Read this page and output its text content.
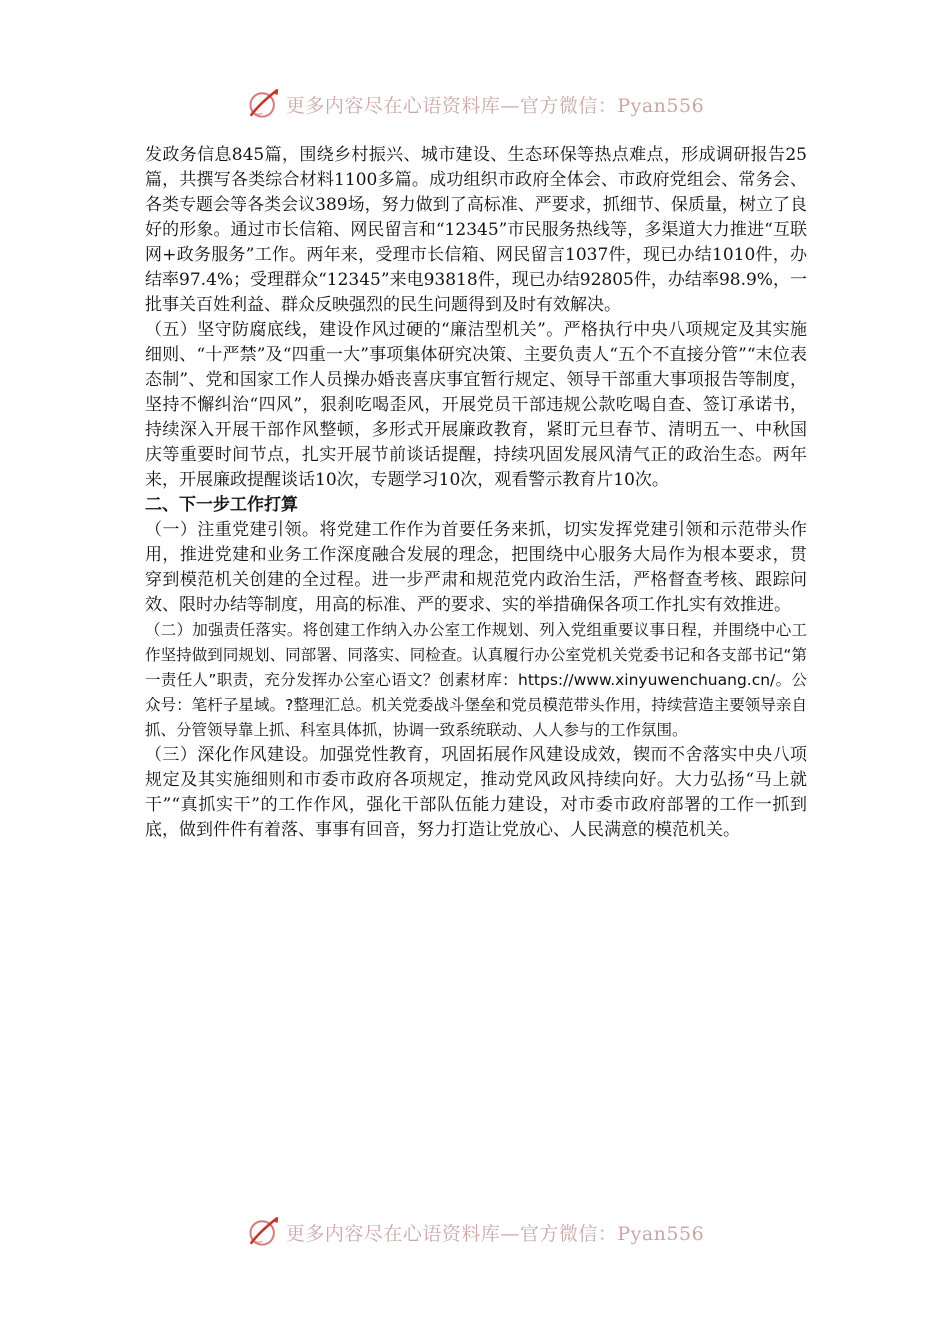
更多内容尽在心语资料库—官方微信：Pyan556

发政务信息845篇，围绕乡村振兴、城市建设、生态环保等热点难点，形成调研报告25篇，共撰写各类综合材料1100多篇。成功组织市政府全体会、市政府党组会、常务会、各类专题会等各类会议389场，努力做到了高标准、严要求，抓细节、保质量，树立了良好的形象。通过市长信箱、网民留言和“12345”市民服务热线等，多渠道大力推进“互联网+政务服务”工作。两年来，受理市长信箱、网民留言1037件，现已办结1010件，办结率97.4%；受理群众“12345”来电93818件，现已办结92805件，办结率98.9%，一批事关百姓利益、群众反映强烈的民生问题得到及时有效解决。

（五）坚守防腐底线，建设作风过硬的“廉洁型机关”。严格执行中央八项规定及其实施细则、“十严禁”及“四重一大”事项集体研究决策、主要负责人“五个不直接分管”“末位表态制”、党和国家工作人员操办婚丧喜庆事宜暂行规定、领导干部重大事项报告等制度，坚持不懈纠治“四风”，狠刹吃喝歪风，开展党员干部违规公款吃喝自查、签订承诺书，持续深入开展干部作风整顿，多形式开展廉政教育，紧盯元旦春节、清明五一、中秋国庆等重要时间节点，扎实开展节前谈话提醒，持续巩固发展风清气正的政治生态。两年来，开展廉政提醒谈话10次，专题学习10次，观看警示教育片10次。

二、下一步工作打算

（一）注重党建引领。将党建工作作为首要任务来抓，切实发挥党建引领和示范带头作用，推进党建和业务工作深度融合发展的理念，把围绕中心服务大局作为根本要求，贯穿到模范机关创建的全过程。进一步严肃和规范党内政治生活，严格督查考核、跟踪问效、限时办结等制度，用高的标准、严的要求、实的举措确保各项工作扎实有效推进。

（二）加强责任落实。将创建工作纳入办公室工作规划、列入党组重要议事日程，并围绕中心工作坚持做到同规划、同部署、同落实、同检查。认真履行办公室党机关党委书记和各支部书记“第一责任人”职责，充分发挥办公室心语文？创素材库：https://www.xinyuwenchuang.cn/。公众号：笔杆子星域。?整理汇总。机关党委战斗堡垒和党员模范带头作用，持续营造主要领导亲自抓、分管领导靠上抓、科室具体抓，协调一致系统联动、人人参与的工作氛围。

（三）深化作风建设。加强党性教育，巩固拓展作风建设成效，锲而不舍落实中央八项规定及其实施细则和市委市政府各项规定，推动党风政风持续向好。大力弘扬“马上就干”“真抓实干”的工作作风，强化干部队伍能力建设，对市委市政府部署的工作一抓到底，做到件件有着落、事事有回音，努力打造让党放心、人民满意的模范机关。

更多内容尽在心语资料库—官方微信：Pyan556
